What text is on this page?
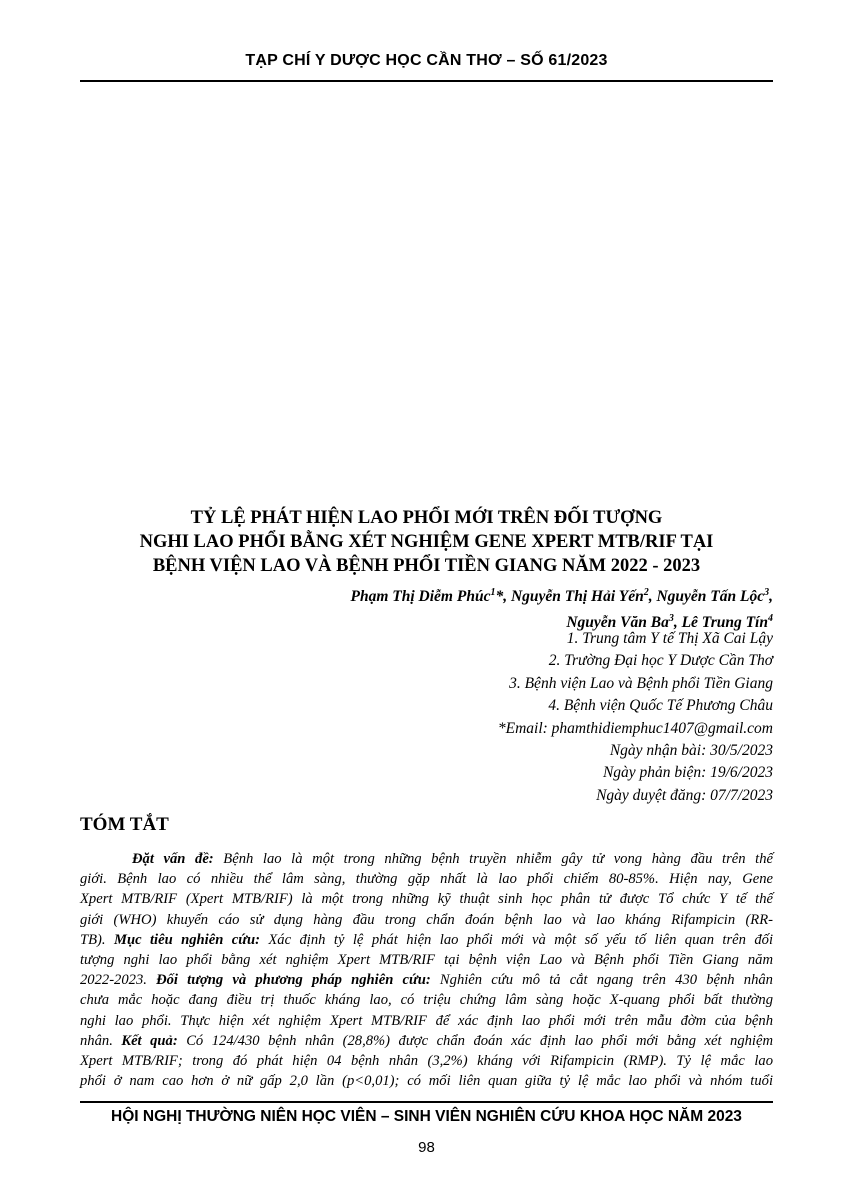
TẠP CHÍ Y DƯỢC HỌC CẦN THƠ – SỐ 61/2023
TỶ LỆ PHÁT HIỆN LAO PHỔI MỚI TRÊN ĐỐI TƯỢNG
NGHI LAO PHỔI BẰNG XÉT NGHIỆM GENE XPERT MTB/RIF TẠI
BỆNH VIỆN LAO VÀ BỆNH PHỔI TIỀN GIANG NĂM 2022 - 2023
Phạm Thị Diễm Phúc$^1$*, Nguyễn Thị Hải Yến$^2$, Nguyễn Tấn Lộc$^3$,
Nguyễn Văn Ba$^3$, Lê Trung Tín$^4$
1. Trung tâm Y tế Thị Xã Cai Lậy
2. Trường Đại học Y Dược Cần Thơ
3. Bệnh viện Lao và Bệnh phổi Tiền Giang
4. Bệnh viện Quốc Tế Phương Châu
*Email: phamthidiemphuc1407@gmail.com
Ngày nhận bài: 30/5/2023
Ngày phản biện: 19/6/2023
Ngày duyệt đăng: 07/7/2023
TÓM TẮT
Đặt vấn đề: Bệnh lao là một trong những bệnh truyền nhiễm gây tử vong hàng đầu trên thế
giới. Bệnh lao có nhiều thể lâm sàng, thường gặp nhất là lao phổi chiếm 80-85%. Hiện nay, Gene
Xpert MTB/RIF (Xpert MTB/RIF) là một trong những kỹ thuật sinh học phân tử được Tổ chức Y tế thế
giới (WHO) khuyến cáo sử dụng hàng đầu trong chẩn đoán bệnh lao và lao kháng Rifampicin (RR-
TB). Mục tiêu nghiên cứu: Xác định tỷ lệ phát hiện lao phổi mới và một số yếu tố liên quan trên đối
tượng nghi lao phổi bằng xét nghiệm Xpert MTB/RIF tại bệnh viện Lao và Bệnh phổi Tiền Giang năm
2022-2023. Đối tượng và phương pháp nghiên cứu: Nghiên cứu mô tả cắt ngang trên 430 bệnh nhân
chưa mắc hoặc đang điều trị thuốc kháng lao, có triệu chứng lâm sàng hoặc X-quang phổi bất thường
nghi lao phổi. Thực hiện xét nghiệm Xpert MTB/RIF để xác định lao phổi mới trên mẫu đờm của bệnh
nhân. Kết quả: Có 124/430 bệnh nhân (28,8%) được chẩn đoán xác định lao phổi mới bằng xét nghiệm
Xpert MTB/RIF; trong đó phát hiện 04 bệnh nhân (3,2%) kháng với Rifampicin (RMP). Tỷ lệ mắc lao
phổi ở nam cao hơn ở nữ gấp 2,0 lần (p<0,01); có mối liên quan giữa tỷ lệ mắc lao phổi và nhóm tuổi
HỘI NGHỊ THƯỜNG NIÊN HỌC VIÊN – SINH VIÊN NGHIÊN CỨU KHOA HỌC NĂM 2023
98
